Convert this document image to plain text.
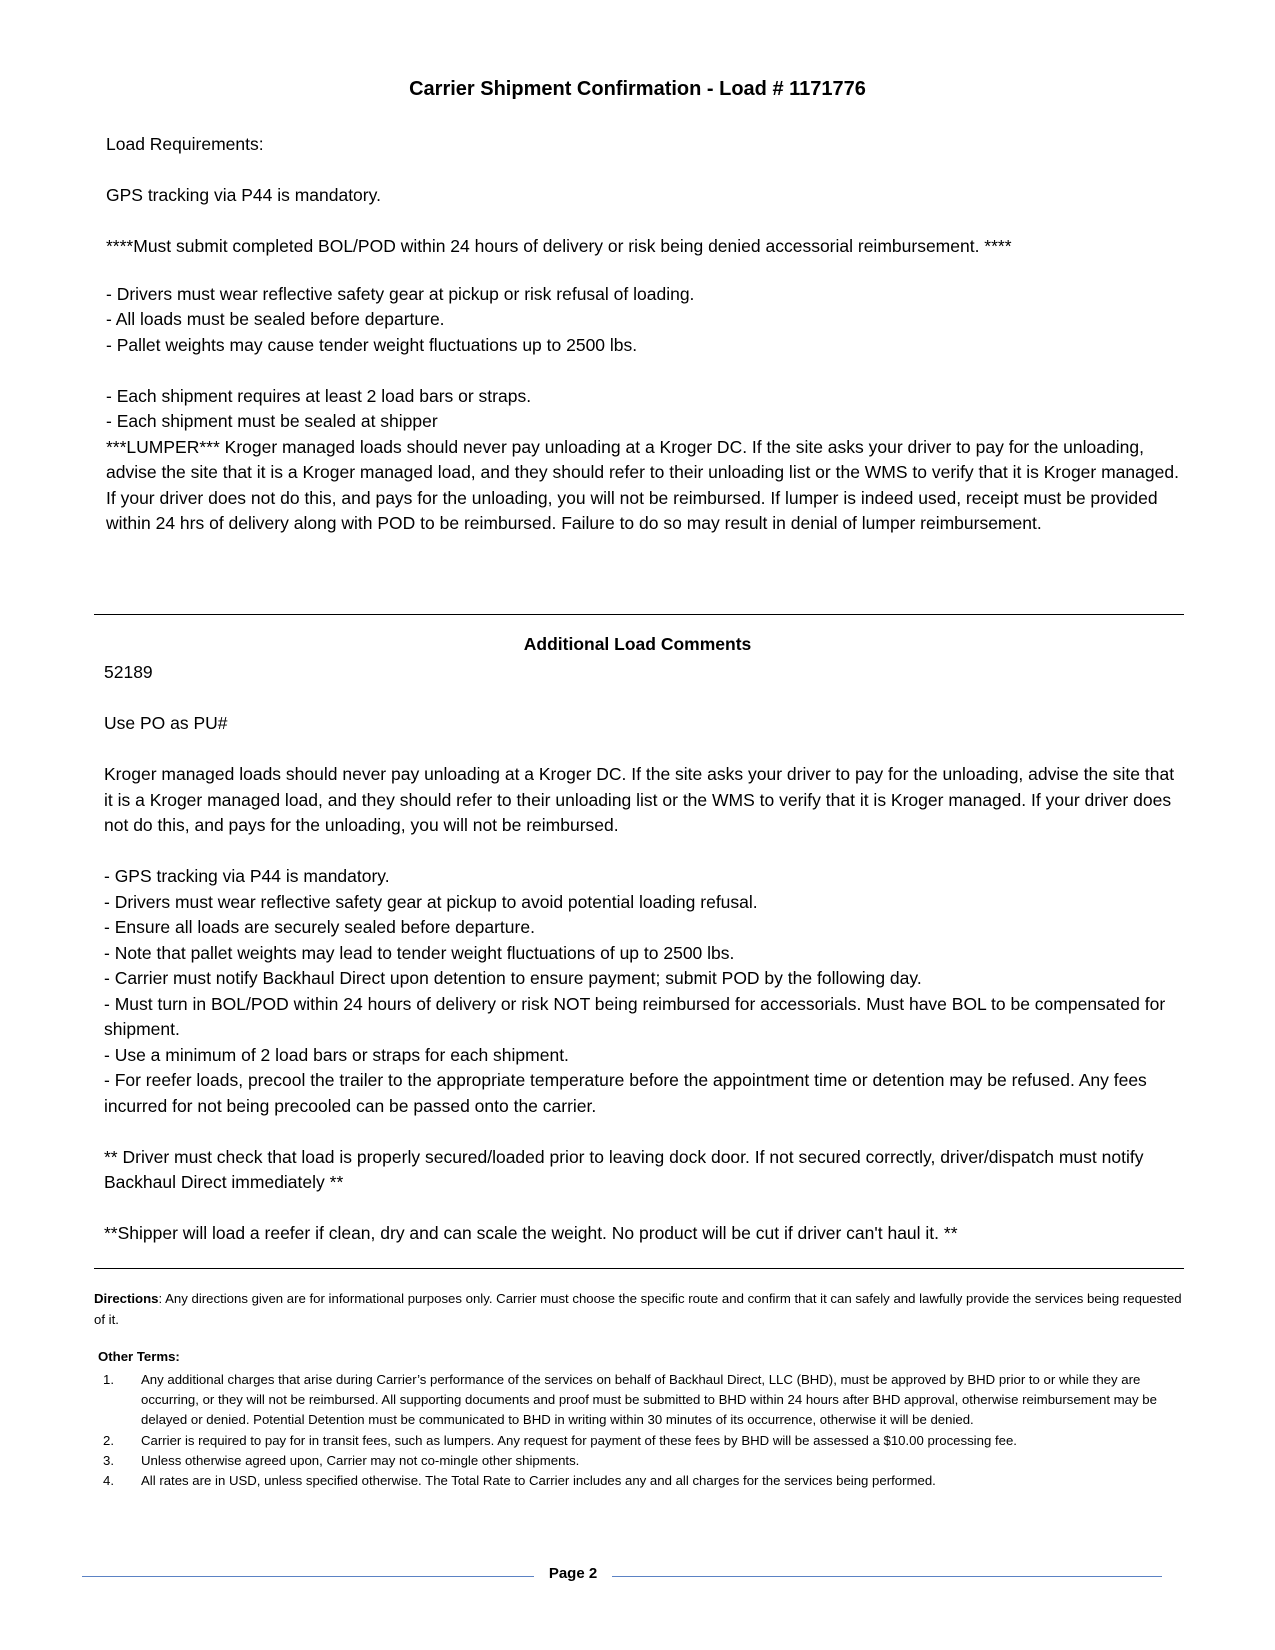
Carrier Shipment Confirmation - Load # 1171776

Load Requirements:

GPS tracking via P44 is mandatory.

****Must submit completed BOL/POD within 24 hours of delivery or risk being denied accessorial reimbursement. ****

- Drivers must wear reflective safety gear at pickup or risk refusal of loading.

- All loads must be sealed before departure.

- Pallet weights may cause tender weight fluctuations up to 2500 lbs.

- Each shipment requires at least 2 load bars or straps.

- Each shipment must be sealed at shipper

***LUMPER*** Kroger managed loads should never pay unloading at a Kroger DC. If the site asks your driver to pay for the unloading, advise the site that it is a Kroger managed load, and they should refer to their unloading list or the WMS to verify that it is Kroger managed. If your driver does not do this, and pays for the unloading, you will not be reimbursed. If lumper is indeed used, receipt must be provided within 24 hrs of delivery along with POD to be reimbursed. Failure to do so may result in denial of lumper reimbursement.

Additional Load Comments

52189

Use PO as PU#

Kroger managed loads should never pay unloading at a Kroger DC. If the site asks your driver to pay for the unloading, advise the site that it is a Kroger managed load, and they should refer to their unloading list or the WMS to verify that it is Kroger managed. If your driver does not do this, and pays for the unloading, you will not be reimbursed.

- GPS tracking via P44 is mandatory.

- Drivers must wear reflective safety gear at pickup to avoid potential loading refusal.

- Ensure all loads are securely sealed before departure.

- Note that pallet weights may lead to tender weight fluctuations of up to 2500 lbs.

- Carrier must notify Backhaul Direct upon detention to ensure payment; submit POD by the following day.

- Must turn in BOL/POD within 24 hours of delivery or risk NOT being reimbursed for accessorials. Must have BOL to be compensated for shipment.

- Use a minimum of 2 load bars or straps for each shipment.

- For reefer loads, precool the trailer to the appropriate temperature before the appointment time or detention may be refused. Any fees incurred for not being precooled can be passed onto the carrier.

** Driver must check that load is properly secured/loaded prior to leaving dock door. If not secured correctly, driver/dispatch must notify Backhaul Direct immediately **

**Shipper will load a reefer if clean, dry and can scale the weight. No product will be cut if driver can't haul it. **

Directions: Any directions given are for informational purposes only. Carrier must choose the specific route and confirm that it can safely and lawfully provide the services being requested of it.
Other Terms:
1. Any additional charges that arise during Carrier’s performance of the services on behalf of Backhaul Direct, LLC (BHD), must be approved by BHD prior to or while they are occurring, or they will not be reimbursed. All supporting documents and proof must be submitted to BHD within 24 hours after BHD approval, otherwise reimbursement may be delayed or denied. Potential Detention must be communicated to BHD in writing within 30 minutes of its occurrence, otherwise it will be denied.
2. Carrier is required to pay for in transit fees, such as lumpers. Any request for payment of these fees by BHD will be assessed a $10.00 processing fee.
3. Unless otherwise agreed upon, Carrier may not co-mingle other shipments.
4. All rates are in USD, unless specified otherwise. The Total Rate to Carrier includes any and all charges for the services being performed.
Page 2
